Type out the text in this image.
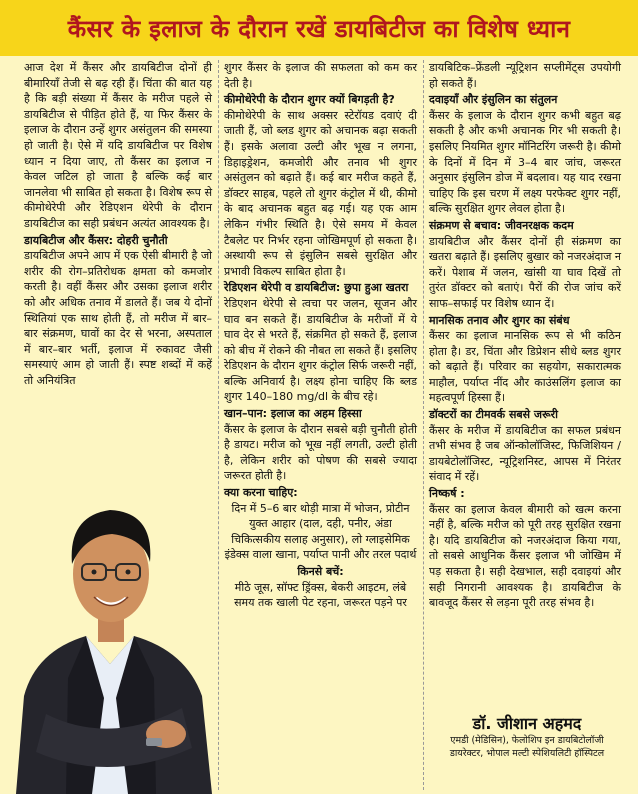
कैंसर के इलाज के दौरान रखें डायबिटीज का विशेष ध्यान

आज देश में कैंसर और डायबिटीज दोनों ही बीमारियाँ तेजी से बढ़ रही हैं। चिंता की बात यह है कि बड़ी संख्या में कैंसर के मरीज पहले से डायबिटीज से पीड़ित होते हैं, या फिर कैंसर के इलाज के दौरान उन्हें शुगर असंतुलन की समस्या हो जाती है। ऐसे में यदि डायबिटीज पर विशेष ध्यान न दिया जाए, तो कैंसर का इलाज न केवल जटिल हो जाता है बल्कि कई बार जानलेवा भी साबित हो सकता है। विशेष रूप से कीमोथेरेपी और रेडिएशन थेरेपी के दौरान डायबिटीज का सही प्रबंधन अत्यंत आवश्यक है।

डायबिटीज और कैंसर: दोहरी चुनौती

डायबिटीज अपने आप में एक ऐसी बीमारी है जो शरीर की रोग–प्रतिरोधक क्षमता को कमजोर करती है। वहीं कैंसर और उसका इलाज शरीर को और अधिक तनाव में डालते हैं। जब ये दोनों स्थितियां एक साथ होती हैं, तो मरीज में बार–बार संक्रमण, घावों का देर से भरना, अस्पताल में बार–बार भर्ती, इलाज में रुकावट जैसी समस्याएं आम हो जाती हैं। स्पष्ट शब्दों में कहें तो अनियंत्रित

शुगर कैंसर के इलाज की सफलता को कम कर देती है।

कीमोथेरेपी के दौरान शुगर क्यों बिगड़ती है?

कीमोथेरेपी के साथ अक्सर स्टेरॉयड दवाएं दी जाती हैं, जो ब्लड शुगर को अचानक बढ़ा सकती हैं। इसके अलावा उल्टी और भूख न लगना, डिहाइड्रेशन, कमजोरी और तनाव भी शुगर असंतुलन को बढ़ाते हैं। कई बार मरीज कहते हैं, डॉक्टर साहब, पहले तो शुगर कंट्रोल में थी, कीमो के बाद अचानक बहुत बढ़ गई। यह एक आम लेकिन गंभीर स्थिति है। ऐसे समय में केवल टैबलेट पर निर्भर रहना जोखिमपूर्ण हो सकता है। अस्थायी रूप से इंसुलिन सबसे सुरक्षित और प्रभावी विकल्प साबित होता है।

रेडिएशन थेरेपी व डायबिटीज: छुपा हुआ खतरा

रेडिएशन थेरेपी से त्वचा पर जलन, सूजन और घाव बन सकते हैं। डायबिटीज के मरीजों में ये घाव देर से भरते हैं, संक्रमित हो सकते हैं, इलाज को बीच में रोकने की नौबत ला सकते हैं। इसलिए रेडिएशन के दौरान शुगर कंट्रोल सिर्फ जरूरी नहीं, बल्कि अनिवार्य है। लक्ष्य होना चाहिए कि ब्लड शुगर 140–180 mg/dl के बीच रहे।

खान–पान: इलाज का अहम हिस्सा

कैंसर के इलाज के दौरान सबसे बड़ी चुनौती होती है डायट। मरीज को भूख नहीं लगती, उल्टी होती है, लेकिन शरीर को पोषण की सबसे ज्यादा जरूरत होती है।

क्या करना चाहिए:

दिन में 5–6 बार थोड़ी मात्रा में भोजन, प्रोटीन युक्त आहार (दाल, दही, पनीर, अंडा चिकित्सकीय सलाह अनुसार), लो ग्लाइसेमिक इंडेक्स वाला खाना, पर्याप्त पानी और तरल पदार्थ

किनसे बचें:

मीठे जूस, सॉफ्ट ड्रिंक्स, बेकरी आइटम, लंबे समय तक खाली पेट रहना, जरूरत पड़ने पर

डायबिटिक–फ्रेंडली न्यूट्रिशन सप्लीमेंट्स उपयोगी हो सकते हैं।

दवाइयाँ और इंसुलिन का संतुलन

कैंसर के इलाज के दौरान शुगर कभी बहुत बढ़ सकती है और कभी अचानक गिर भी सकती है। इसलिए नियमित शुगर मॉनिटरिंग जरूरी है। कीमो के दिनों में दिन में 3–4 बार जांच, जरूरत अनुसार इंसुलिन डोज में बदलाव। यह याद रखना चाहिए कि इस चरण में लक्ष्य परफेक्ट शुगर नहीं, बल्कि सुरक्षित शुगर लेवल होता है।

संक्रमण से बचाव: जीवनरक्षक कदम

डायबिटीज और कैंसर दोनों ही संक्रमण का खतरा बढ़ाते हैं। इसलिए बुखार को नजरअंदाज न करें। पेशाब में जलन, खांसी या घाव दिखें तो तुरंत डॉक्टर को बताएं। पैरों की रोज जांच करें साफ–सफाई पर विशेष ध्यान दें।

मानसिक तनाव और शुगर का संबंध

कैंसर का इलाज मानसिक रूप से भी कठिन होता है। डर, चिंता और डिप्रेशन सीधे ब्लड शुगर को बढ़ाते हैं। परिवार का सहयोग, सकारात्मक माहौल, पर्याप्त नींद और काउंसलिंग इलाज का महत्वपूर्ण हिस्सा हैं।

डॉक्टरों का टीमवर्क सबसे जरूरी

कैंसर के मरीज में डायबिटीज का सफल प्रबंधन तभी संभव है जब ऑन्कोलॉजिस्ट, फिजिशियन / डायबेटोलॉजिस्ट, न्यूट्रिशनिस्ट, आपस में निरंतर संवाद में रहें।

निष्कर्ष :

कैंसर का इलाज केवल बीमारी को खत्म करना नहीं है, बल्कि मरीज को पूरी तरह सुरक्षित रखना है। यदि डायबिटीज को नजरअंदाज किया गया, तो सबसे आधुनिक कैंसर इलाज भी जोखिम में पड़ सकता है। सही देखभाल, सही दवाइयां और सही निगरानी आवश्यक है। डायबिटीज के बावजूद कैंसर से लड़ना पूरी तरह संभव है।

डॉ. जीशान अहमद
एमडी (मेडिसिन), फेलोशिप इन डायबिटोलॉजी
डायरेक्टर, भोपाल मल्टी स्पेशियलिटी हॉस्पिटल
